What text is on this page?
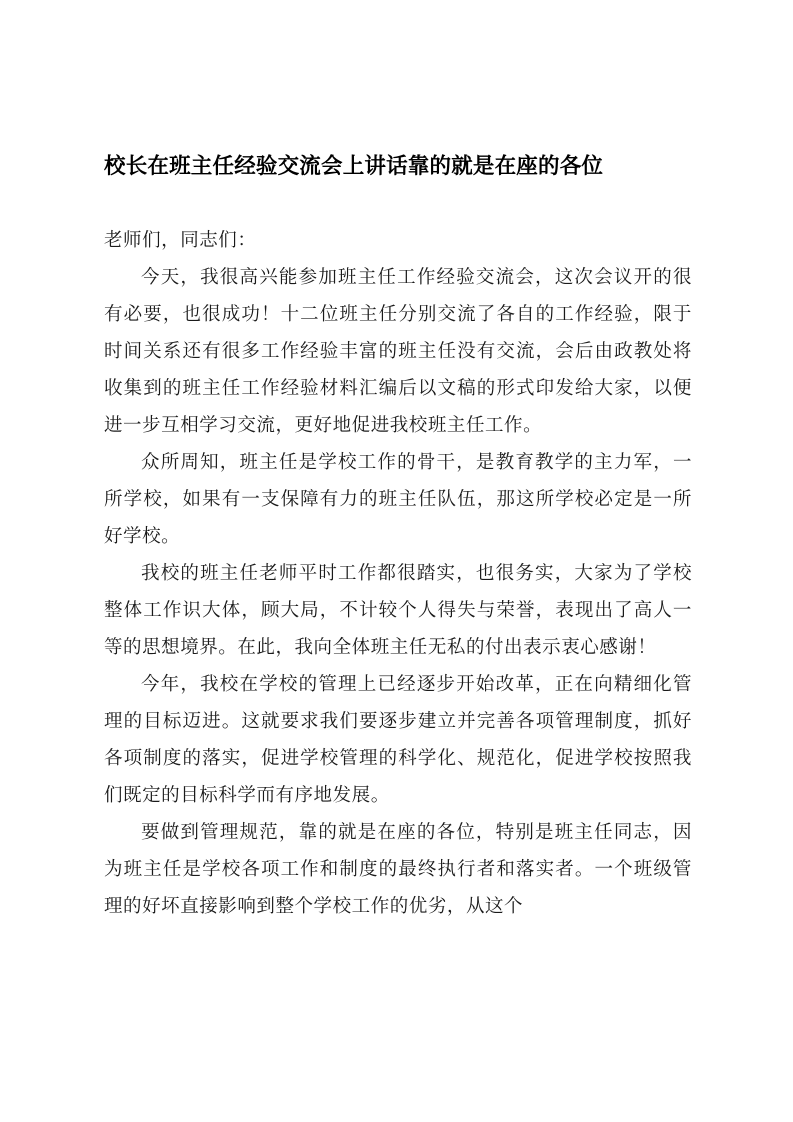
校长在班主任经验交流会上讲话靠的就是在座的各位

老师们，同志们：

今天，我很高兴能参加班主任工作经验交流会，这次会议开的很有必要，也很成功！十二位班主任分别交流了各自的工作经验，限于时间关系还有很多工作经验丰富的班主任没有交流，会后由政教处将收集到的班主任工作经验材料汇编后以文稿的形式印发给大家，以便进一步互相学习交流，更好地促进我校班主任工作。

众所周知，班主任是学校工作的骨干，是教育教学的主力军，一所学校，如果有一支保障有力的班主任队伍，那这所学校必定是一所好学校。

我校的班主任老师平时工作都很踏实，也很务实，大家为了学校整体工作识大体，顾大局，不计较个人得失与荣誉，表现出了高人一等的思想境界。在此，我向全体班主任无私的付出表示衷心感谢！

今年，我校在学校的管理上已经逐步开始改革，正在向精细化管理的目标迈进。这就要求我们要逐步建立并完善各项管理制度，抓好各项制度的落实，促进学校管理的科学化、规范化，促进学校按照我们既定的目标科学而有序地发展。

要做到管理规范，靠的就是在座的各位，特别是班主任同志，因为班主任是学校各项工作和制度的最终执行者和落实者。一个班级管理的好坏直接影响到整个学校工作的优劣，从这个
